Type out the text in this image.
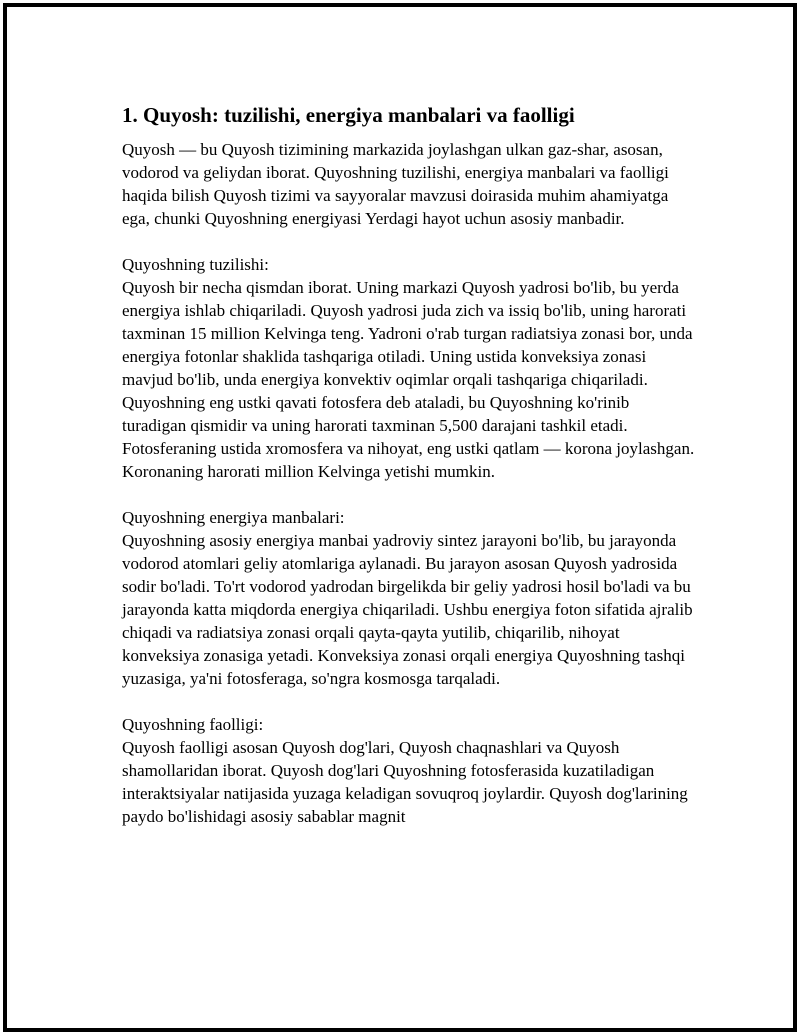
1. Quyosh: tuzilishi, energiya manbalari va faolligi

Quyosh — bu Quyosh tizimining markazida joylashgan ulkan gaz-shar, asosan, vodorod va geliydan iborat. Quyoshning tuzilishi, energiya manbalari va faolligi haqida bilish Quyosh tizimi va sayyoralar mavzusi doirasida muhim ahamiyatga ega, chunki Quyoshning energiyasi Yerdagi hayot uchun asosiy manbadir.

Quyoshning tuzilishi:
Quyosh bir necha qismdan iborat. Uning markazi Quyosh yadrosi bo'lib, bu yerda energiya ishlab chiqariladi. Quyosh yadrosi juda zich va issiq bo'lib, uning harorati taxminan 15 million Kelvinga teng. Yadroni o'rab turgan radiatsiya zonasi bor, unda energiya fotonlar shaklida tashqariga otiladi. Uning ustida konveksiya zonasi mavjud bo'lib, unda energiya konvektiv oqimlar orqali tashqariga chiqariladi. Quyoshning eng ustki qavati fotosfera deb ataladi, bu Quyoshning ko'rinib turadigan qismidir va uning harorati taxminan 5,500 darajani tashkil etadi. Fotosferaning ustida xromosfera va nihoyat, eng ustki qatlam — korona joylashgan. Koronaning harorati million Kelvinga yetishi mumkin.

Quyoshning energiya manbalari:
Quyoshning asosiy energiya manbai yadroviy sintez jarayoni bo'lib, bu jarayonda vodorod atomlari geliy atomlariga aylanadi. Bu jarayon asosan Quyosh yadrosida sodir bo'ladi. To'rt vodorod yadrodan birgelikda bir geliy yadrosi hosil bo'ladi va bu jarayonda katta miqdorda energiya chiqariladi. Ushbu energiya foton sifatida ajralib chiqadi va radiatsiya zonasi orqali qayta-qayta yutilib, chiqarilib, nihoyat konveksiya zonasiga yetadi. Konveksiya zonasi orqali energiya Quyoshning tashqi yuzasiga, ya'ni fotosferaga, so'ngra kosmosga tarqaladi.

Quyoshning faolligi:
Quyosh faolligi asosan Quyosh dog'lari, Quyosh chaqnashlari va Quyosh shamollaridan iborat. Quyosh dog'lari Quyoshning fotosferasida kuzatiladigan interaktsiyalar natijasida yuzaga keladigan sovuqroq joylardir. Quyosh dog'larining paydo bo'lishidagi asosiy sabablar magnit
